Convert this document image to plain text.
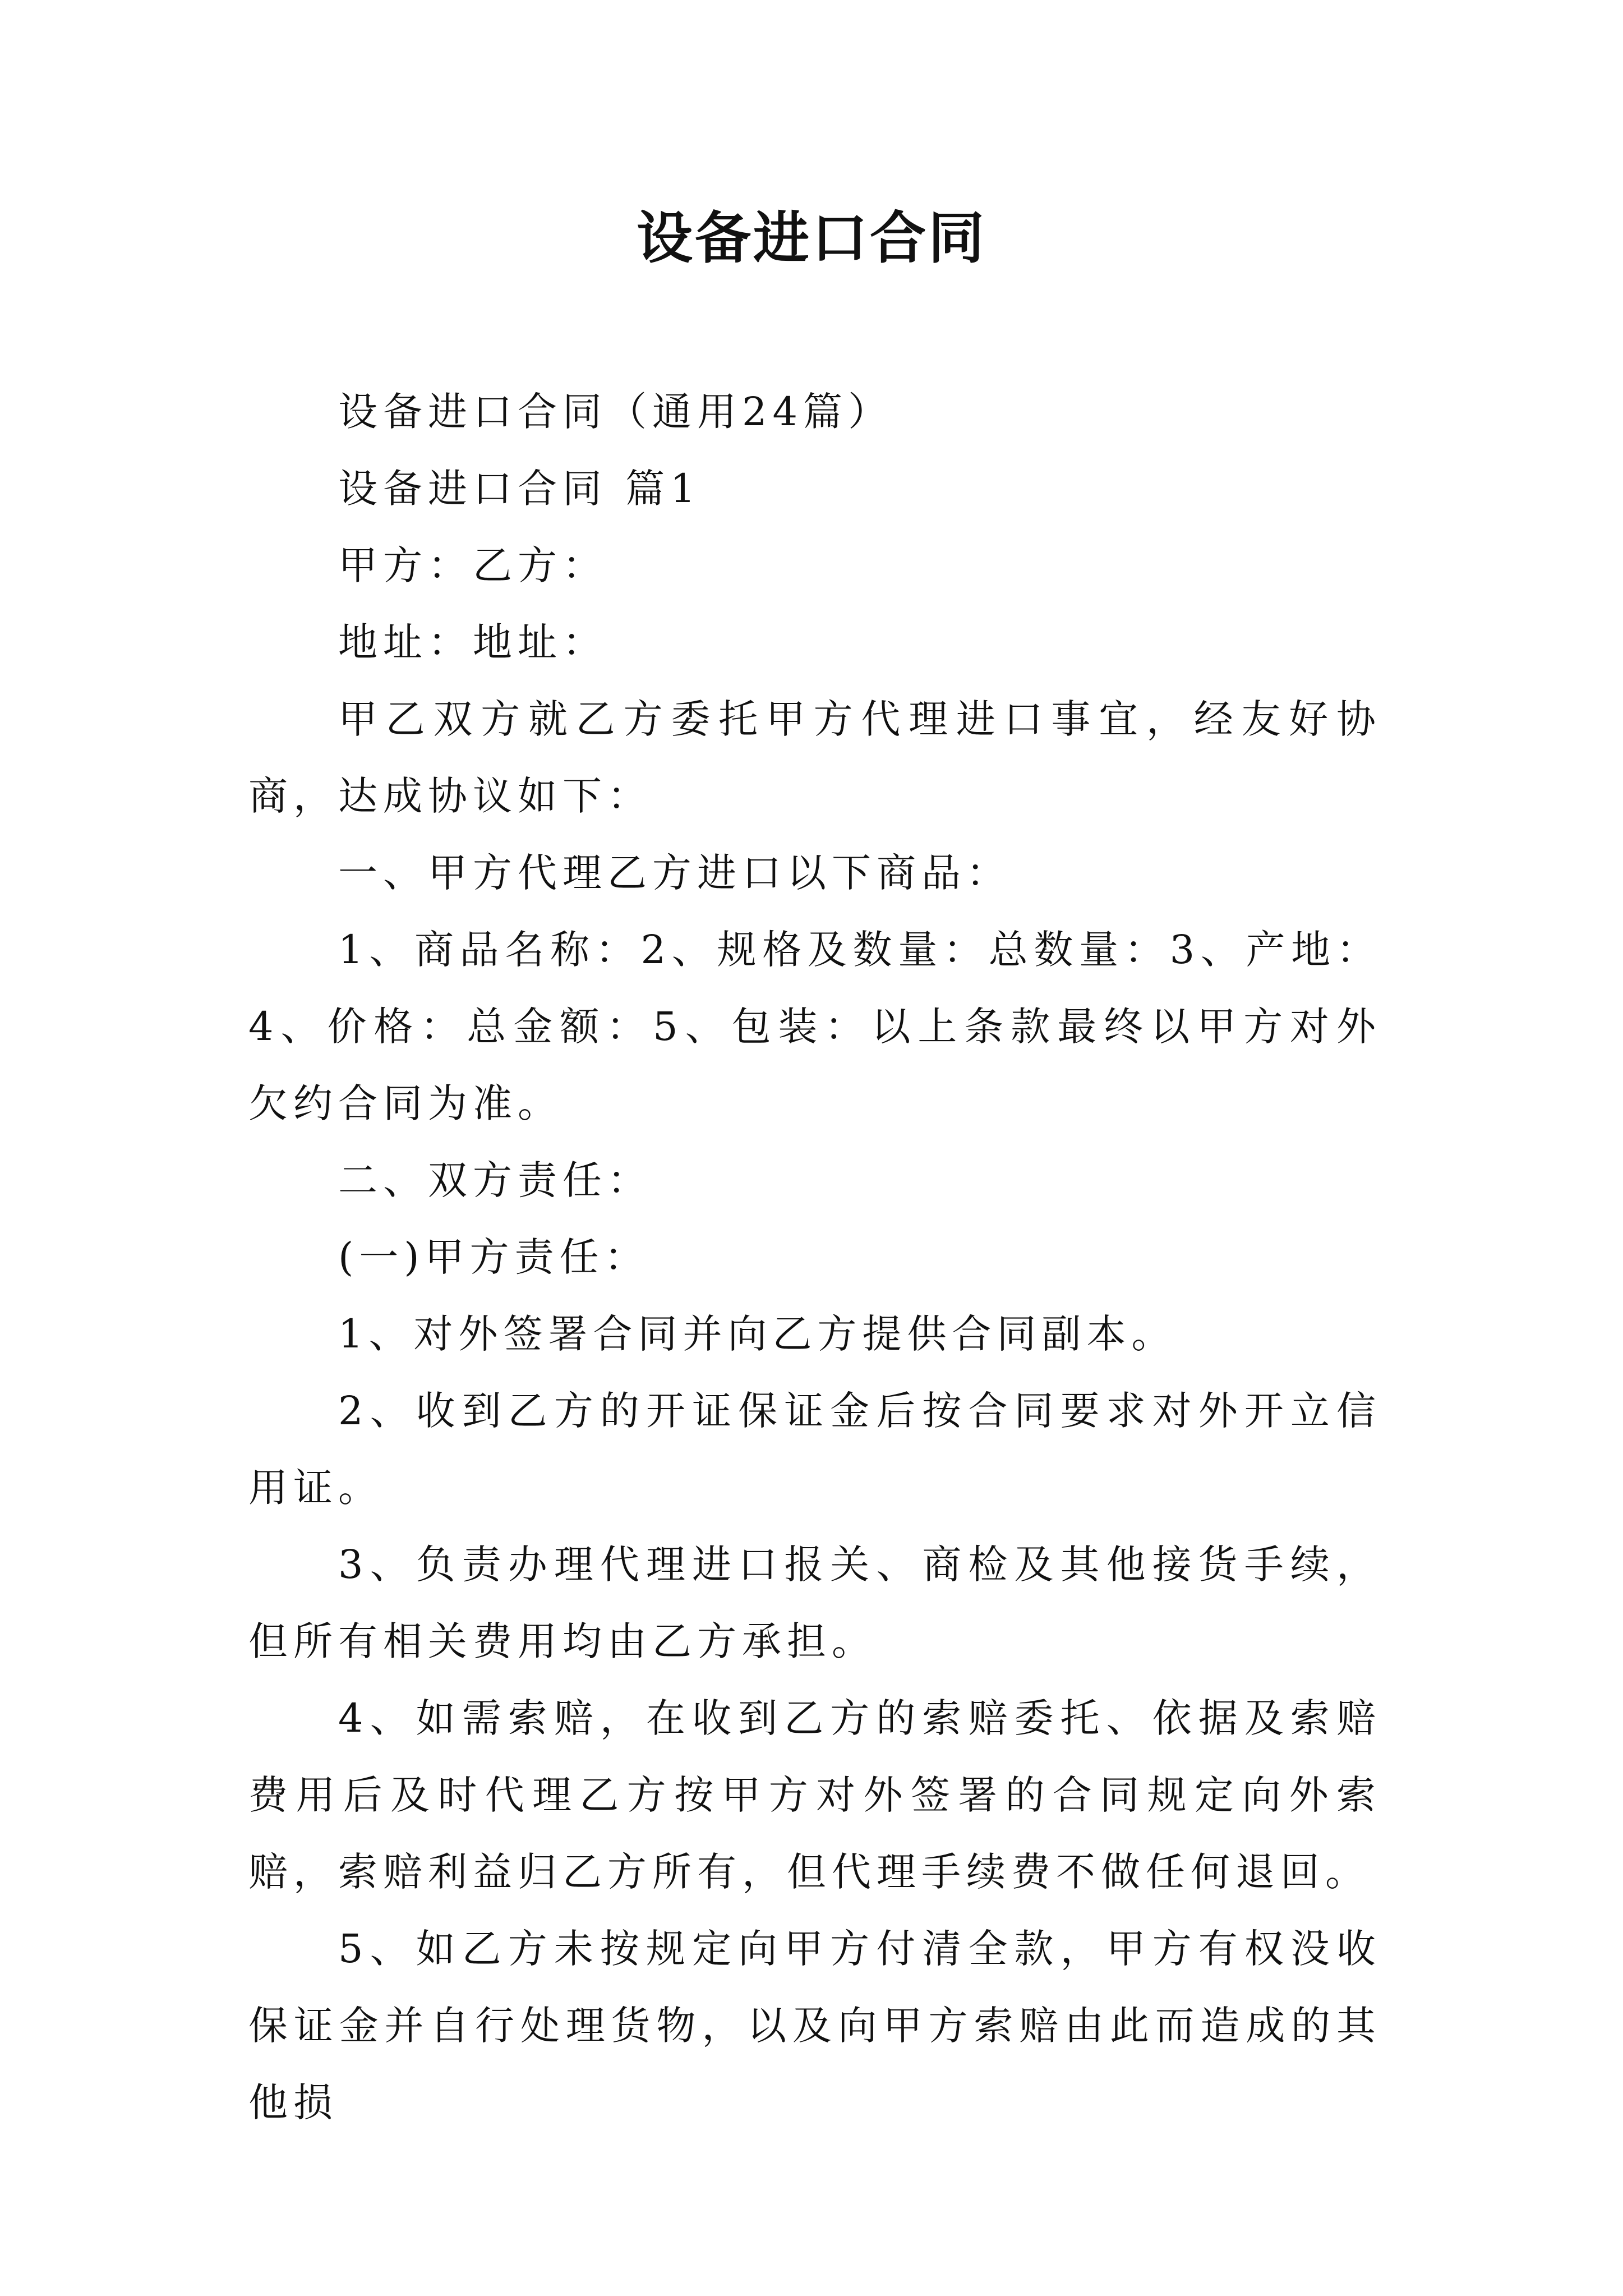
设备进口合同

设备进口合同（通用24篇）

设备进口合同 篇1

甲方：乙方：

地址：地址：

甲乙双方就乙方委托甲方代理进口事宜，经友好协商，达成协议如下：

一、甲方代理乙方进口以下商品：

1、商品名称：2、规格及数量：总数量：3、产地：4、价格：总金额：5、包装：以上条款最终以甲方对外欠约合同为准。

二、双方责任：

(一)甲方责任：

1、对外签署合同并向乙方提供合同副本。

2、收到乙方的开证保证金后按合同要求对外开立信用证。

3、负责办理代理进口报关、商检及其他接货手续，但所有相关费用均由乙方承担。

4、如需索赔，在收到乙方的索赔委托、依据及索赔费用后及时代理乙方按甲方对外签署的合同规定向外索赔，索赔利益归乙方所有，但代理手续费不做任何退回。

5、如乙方未按规定向甲方付清全款，甲方有权没收保证金并自行处理货物，以及向甲方索赔由此而造成的其他损
